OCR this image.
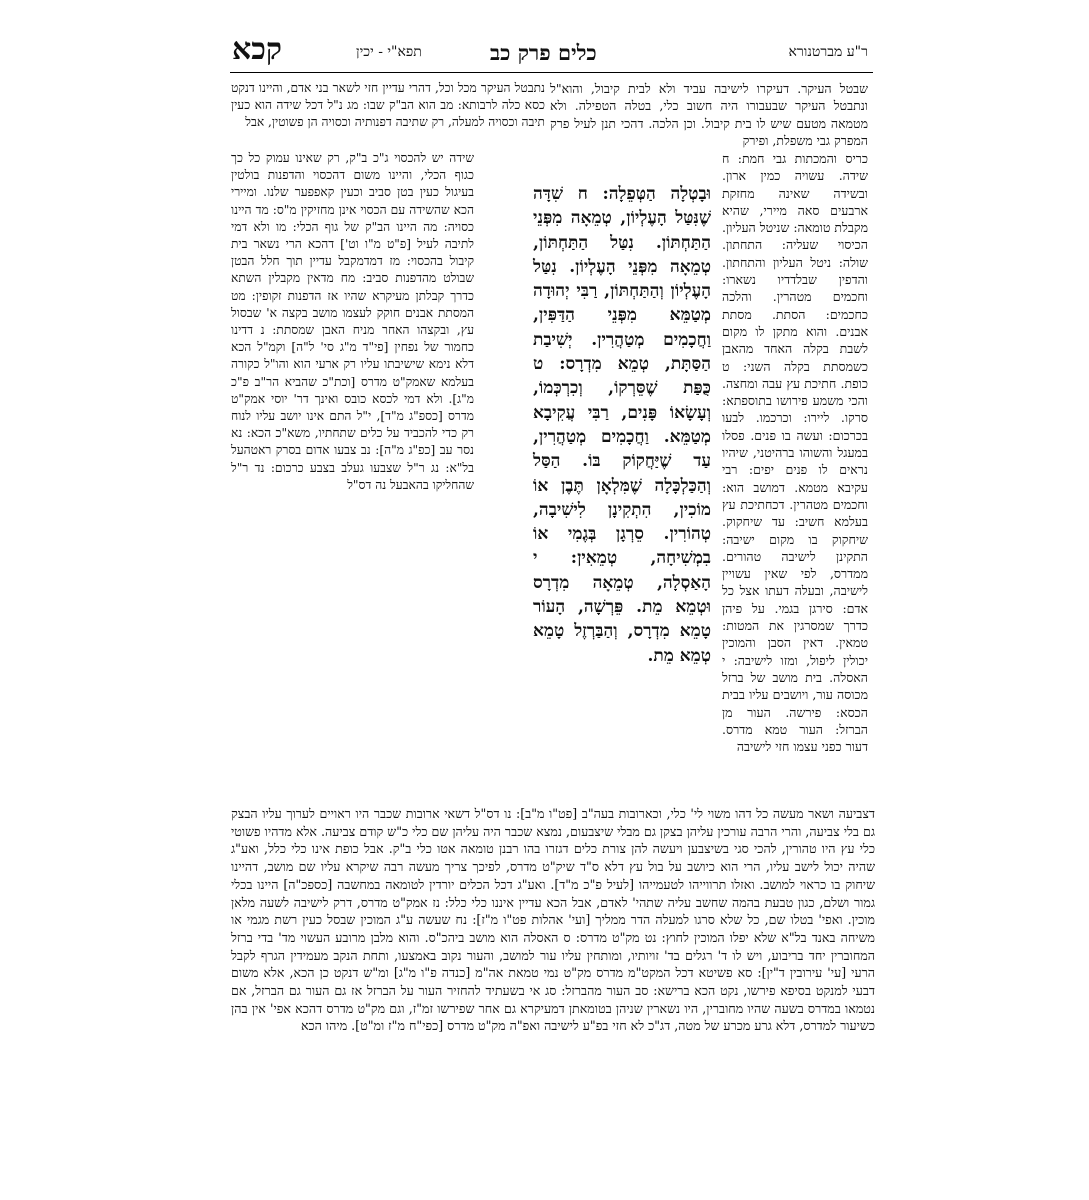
קכא	תפא"י - יכין	כלים פרק כב	ר"ע מברטנורא

שבטל העיקר. דעיקרו לישיבה עביד ולא לבית קיבול, והוא"ל ונתבטל העיקר שבעבורו היה חשוב כלי, בטלה הטפילה. ולא מטמאה מטעם שיש לו בית קיבול. וכן הלכה. דהכי תנן לעיל פרק המפרק גבי משפלת, ופירק

כריס והמכתות גבי חמת: ח שידה. עשויה כמין ארון. ובשידה שאינה מחזקת ארבעים סאה מיירי, שהיא מקבלת טומאה: שניטל העליון. הכיסוי שעליה: התחתון. שולה: ניטל העליון והתחתון. והדפין שבלדדיו נשארו: וחכמים מטהרין. והלכה כחכמים: הסתת. מסתת אבנים. והוא מתקן לו מקום לשבת בקלה האחד מהאבן כשמסתת בקלה השני: ט כופת. חתיכת עץ עבה ומחצה. והכי משמע פירושו בתוספתא: סרקו. ליירו: וכרכמו. לבעו בכרכום: ועשה בו פנים. פסלו במעגל והשוהו ברהיטני, שיהיו נראים לו פנים יפים: רבי עקיבא מטמא. דמושב הוא: וחכמים מטהרין. דכחתיכת עץ בעלמא חשיב: עד שיחקוק. שיחקוק בו מקום ישיבה: התקינן לישיבה טהורים. ממדרס, לפי שאין עשויין לישיבה, ובעלה דעתו אצל כל אדם: סירגן בגמי. על פיהן כדרך שמסרגין את המטות: טמאין. דאין הסבן והמוכין יכולין ליפול, ומזו לישיבה: י האסלה. בית מושב של ברזל מכוסה עור, ויושבים עליו בבית הכסא: פירשה. העור מן הברזל: העור טמא מדרס. דעור כפני עצמו חזי לישיבה

וּבָטְלָה הַטְּפֵלָה: ח שִׁדָּה שֶׁנִּטַּל הָעֶלְיוֹן, טְמֵאָה מִפְּנֵי הַתַּחְתּוֹן. נִטַּל הַתַּחְתּוֹן, טְמֵאָה מִפְּנֵי הָעֶלְיוֹן. נִטַּל הָעֶלְיוֹן וְהַתַּחְתּוֹן, רַבִּי יְהוּדָה מְטַמֵּא מִפְּנֵי הַדַּפִּין, וַחֲכָמִים מְטַהֲרִין. יְשִׁיבַת הַסַּתָּת, טְמֵא מִדְרָס: ט כֻּפַּת שֶׁסֵּרְקוֹ, וְכִרְכְּמוֹ, וְעָשָׂאוֹ פָּנִים, רַבִּי עֲקִיבָא מְטַמֵּא. וַחֲכָמִים מְטַהֲרִין, עַד שֶׁיַּחֲקוֹק בּוֹ. הַסַּל וְהַכַּלְכָּלָה שֶׁמִּלְאָן תֶּבֶן אוֹ מוֹכִין, הִתְקִינָן לִישִׁיבָה, טְהוֹרִין. סֵרְגָן בְּגֶמִי אוֹ בִמְשִׁיחָה, טְמֵאִין: י הָאַסְלָה, טְמֵאָה מִדְרָס וּטְמֵא מֵת. פֵּרְשָׁה, הָעוֹר טָמֵא מִדְרָס, וְהַבַּרְזֶל טָמֵא טְמֵא מֵת.

נתבטל העיקר מכל וכל, דהרי עדיין חזי לשאר בני אדם, והיינו דנקט כסא כלה לרבותא: מב הוא הב"ק שבו: מג נ"ל דכל שידה הוא כעין תיבה וכסויה למעלה, רק שתיבה דפנותיה וכסויה הן פשוטין, אבל

שידה יש להכסוי ג"כ ב"ק, רק שאינו עמוק כל כך כגוף הכלי, והיינו משום דהכסוי והדפנות בולטין בעיגול כעין בטן סביב וכעין קאפפער שלנו. ומיירי הכא שהשידה עם הכסוי אינן מחזיקין מ"ס: מד היינו כסויה: מה היינו הב"ק של גוף הכלי: מו ולא דמי לתיבה לעיל [פ"ט מ"ו וט'] דהכא הרי נשאר בית קיבול בהכסוי: מז דמדמקבל עדיין תוך חלל הבטן שבולט מהדפנות סביב: מח מדאין מקבלין השתא כדרך קבלתן מעיקרא שהיו אז הדפנות זקופין: מט המסתת אבנים חוקק לעצמו מושב בקצה א' שבסול עץ, ובקצהו האחר מניח האבן שמסתת: נ דדינו כחמור של נפחין [פי"ד מ"ג סי' ל"ה] וקמ"ל הכא דלא נימא שישיבתו עליו רק ארעי הוא והו"ל כקורה בעלמא שאמק"ט מדרס [וכת"כ שהביא הר"ב פ"כ מ"ג]. ולא דמי לכסא כובס ואינך דר' יוסי אמק"ט מדרס [כספ"ג מ"ד], י"ל התם אינו יושב עליו לנוח רק כדי להכביד על כלים שתחתיו, משא"כ הכא: נא נסר עב [כפ"ג מ"ה]: נב צבעו אדום בסרק ראטהעל בל"א: נג ר"ל שצבעו געלב בצבע כרכום: נד ר"ל שהחליקו בהאבעל נה דס"ל

דצביעה ושאר מעשה כל דהו משוי לי' כלי, וכארובות בעה"ב [פט"ו מ"ב]: נו דס"ל דשאי ארובות שכבר היו ראויים לערוך עליו הבצק גם בלי צביעה, והרי הרבה עורכין עליהן בצקן גם מבלי שיצבעום, נמצא שכבר היה עליהן שם כלי כ"ש קודם צביעה. אלא מדהיו פשוטי כלי עץ היו טהורין, להכי סגי בשיצבען ויעשה להן צורת כלים דגזרו בהו רבנן טומאה אטו כלי ב"ק. אבל כופת אינו כלי כלל, ואע"ג שהיה יכול לישב עליו, הרי הוא כיושב על בול עץ דלא ס"ד שיק"ט מדרס, לפיכך צריך מעשה רבה שיקרא עליו שם מושב, דהיינו שיחוק בו כראוי למושב. ואזלו תרווייהו לטעמייהו [לעיל פ"כ מ"ד]. ואע"ג דכל הכלים יורדין לטומאה במחשבה [כספכ"ה] היינו בכלי גמור ושלם, כגון טבעת בהמה שחשב עליה שתהי' לאדם, אבל הכא עדיין איננו כלי כלל: נז אמק"ט מדרס, דרק לישיבה לשעה מלאן מוכין. ואפי' בטלו שם, כל שלא סרגו למעלה הדר ממליך [ועי' אהלות פט"ו מ"ז]: נח שעשה ע"ג המוכין שבסל כעין רשת מגמי או משיחה באנד בל"א שלא יפלו המוכין לחוץ: נט מק"ט מדרס: ס האסלה הוא מושב ביהכ"ס. והוא מלבן מרובע העשוי מד' בדי ברזל המחוברין יחד בריבוע, ויש לו ד' רגלים בד' זויותיו, ומותחין עליו עור למושב, והעור נקוב באמצעו, ותחת הנקב מעמידין הגרף לקבל הרעי [עי' עירובין ד"ין]: סא פשיטא דכל המקט"מ מדרס מק"ט נמי טמאת אה"מ [כנדה פ"ו מ"ג] ומ"ש דנקט כן הכא, אלא משום דבעי למנקט בסיפא פירשו, נקט הכא ברישא: סב העור מהברזל: סג אי בשעתיד להחזיר העור על הברזל אז גם העור גם הברזל, אם נטמאו במדרס בשעה שהיו מחוברין, היו נשארין שניהן בטומאתן דמעיקרא גם אחר שפירשו זמ"ז, וגם מק"ט מדרס דהכא אפי' אין בהן כשיעור למדרס, דלא גרע מכרע של מטה, דג"כ לא חזי בפ"ע לישיבה ואפ"ה מק"ט מדרס [כפי"ח מ"ז ומ"ט]. מיהו הכא
